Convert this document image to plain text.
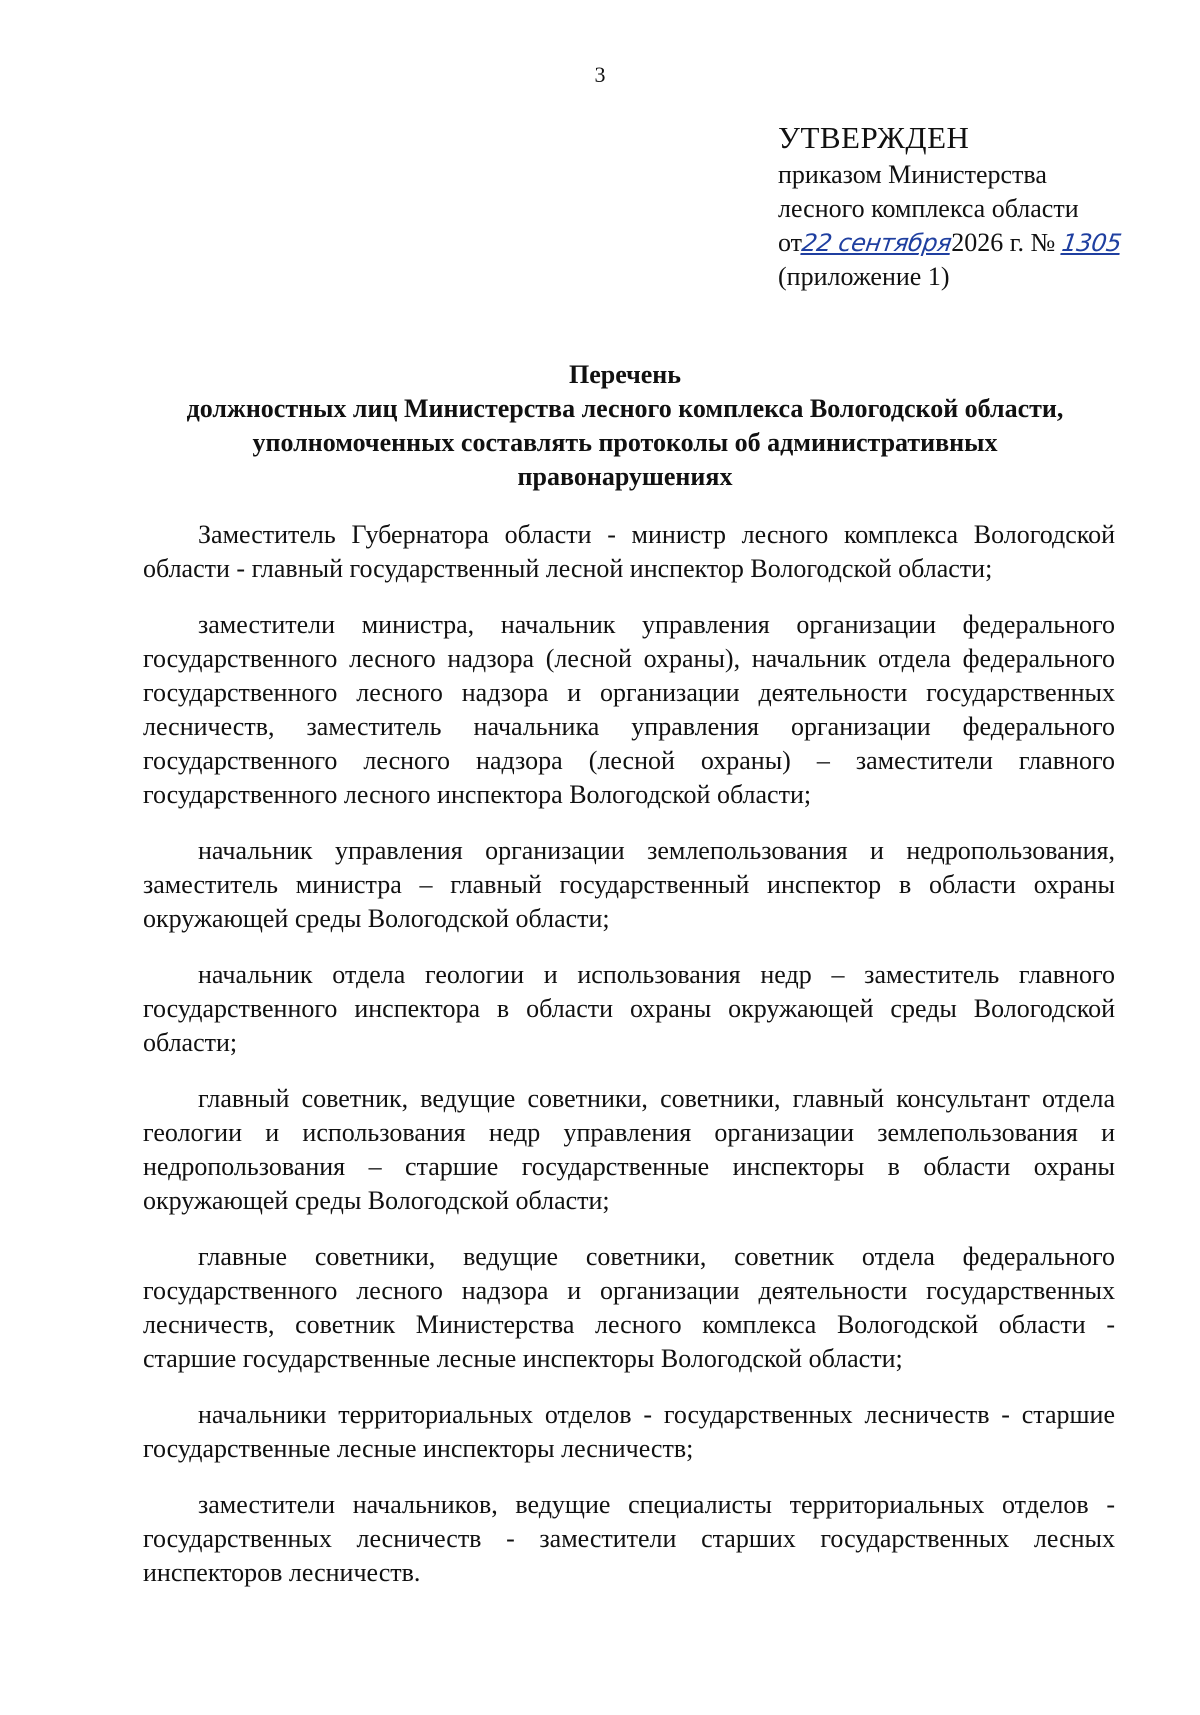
3
УТВЕРЖДЕН
приказом Министерства
лесного комплекса области
от22 сентября2026 г. № 1305
(приложение 1)
Перечень
должностных лиц Министерства лесного комплекса Вологодской области,
уполномоченных составлять протоколы об административных
правонарушениях

Заместитель Губернатора области - министр лесного комплекса Вологодской области - главный государственный лесной инспектор Вологодской области;

заместители министра, начальник управления организации федерального государственного лесного надзора (лесной охраны), начальник отдела федерального государственного лесного надзора и организации деятельности государственных лесничеств, заместитель начальника управления организации федерального государственного лесного надзора (лесной охраны) – заместители главного государственного лесного инспектора Вологодской области;

начальник управления организации землепользования и недропользования, заместитель министра – главный государственный инспектор в области охраны окружающей среды Вологодской области;

начальник отдела геологии и использования недр – заместитель главного государственного инспектора в области охраны окружающей среды Вологодской области;

главный советник, ведущие советники, советники, главный консультант отдела геологии и использования недр управления организации землепользования и недропользования – старшие государственные инспекторы в области охраны окружающей среды Вологодской области;

главные советники, ведущие советники, советник отдела федерального государственного лесного надзора и организации деятельности государственных лесничеств, советник Министерства лесного комплекса Вологодской области - старшие государственные лесные инспекторы Вологодской области;

начальники территориальных отделов - государственных лесничеств - старшие государственные лесные инспекторы лесничеств;

заместители начальников, ведущие специалисты территориальных отделов - государственных лесничеств - заместители старших государственных лесных инспекторов лесничеств.
